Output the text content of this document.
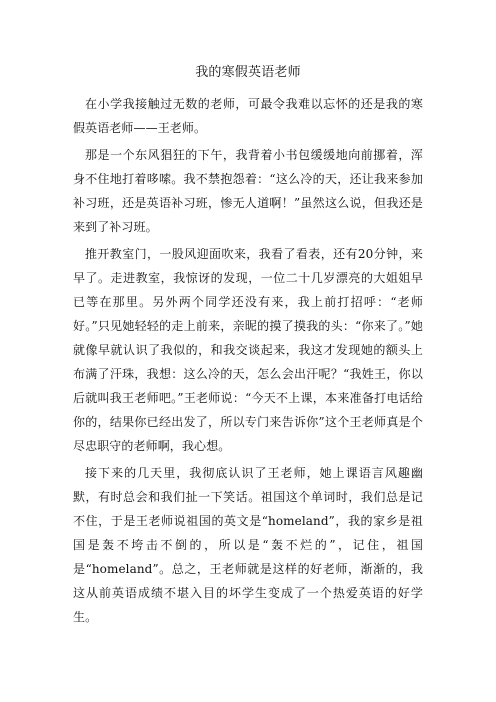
我的寒假英语老师

在小学我接触过无数的老师，可最令我难以忘怀的还是我的寒假英语老师——王老师。

那是一个东风猖狂的下午，我背着小书包缓缓地向前挪着，浑身不住地打着哆嗦。我不禁抱怨着：“这么冷的天，还让我来参加补习班，还是英语补习班，惨无人道啊！”虽然这么说，但我还是来到了补习班。

推开教室门，一股风迎面吹来，我看了看表，还有20分钟，来早了。走进教室，我惊讶的发现，一位二十几岁漂亮的大姐姐早已等在那里。另外两个同学还没有来，我上前打招呼：“老师好。”只见她轻轻的走上前来，亲昵的摸了摸我的头：“你来了。”她就像早就认识了我似的，和我交谈起来，我这才发现她的额头上布满了汗珠，我想：这么冷的天，怎么会出汗呢？“我姓王，你以后就叫我王老师吧。”王老师说：“今天不上课，本来准备打电话给你的，结果你已经出发了，所以专门来告诉你”这个王老师真是个尽忠职守的老师啊，我心想。

接下来的几天里，我彻底认识了王老师，她上课语言风趣幽默，有时总会和我们扯一下笑话。祖国这个单词时，我们总是记不住，于是王老师说祖国的英文是“homeland”，我的家乡是祖国是轰不垮击不倒的，所以是“轰不烂的”，记住，祖国是“homeland”。总之，王老师就是这样的好老师，渐渐的，我这从前英语成绩不堪入目的坏学生变成了一个热爱英语的好学生。
